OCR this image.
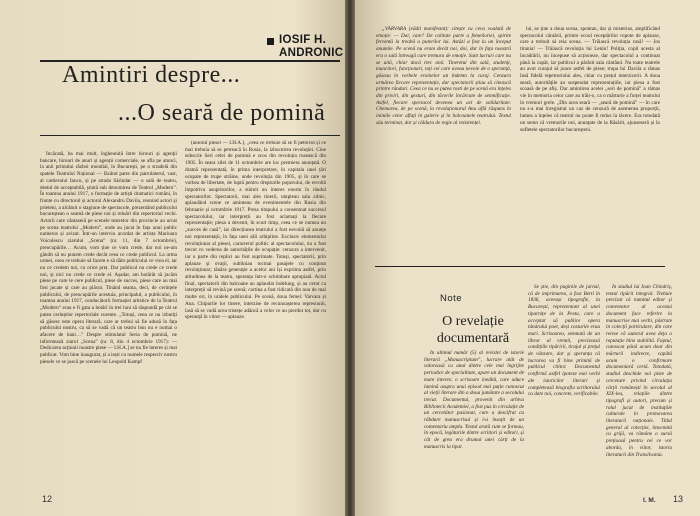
IOSIF H.
ANDRONIC
Amintiri despre...
...O seară de pomină

Încăcată, ba mai mult, îngheunită între birouri și agenții bancare, birouri de anuri și agenții comerciale, se afla pe atunci, la anii primului război mondial, în București, pe o stradelă din spatele Teatrului Național — făcând parte din patrulaterul, vast, al cartierului Iancu, și pe strada Sărindar — o sală de teatru, destul de acceptabilă, știută sub denumirea de Teatrul „Modern”. În toamna anului 1917, o formație de artiști dramatici români, în frunte cu directorul și actorul Alexandru Davila, reunind actori și prieteni, a alcătuit o stagiune de spectacole, prezentând publicului bucureștean o seamă de piese noi și reluări din repertoriul vechi. Actorii care cântaseră pe scenele teatrelor din provincie au urcat pe scena teatrului „Modern”, unde au jucat în fața unui public numeros și avizat. Într-un interviu acordat de artista Marioara Voiculescu ziarului „Scena” (nr. 11, din 7 octombrie), preocupările… Acum, vom ține ce vom crede, dar noi ne-am gândit să nu punem crede decât ceea ce crede publicul. La urma urmei, ceea ce trebuie să facem e să dăm publicului ce vrea el, iar nu ce credem noi, cu orice preț. Dar publicul nu crede ce crede noi, și nici nu crede ce crede el. Așadar, am hotărât să jucăm piese pe care le cere publicul, piese de succes, piese care au mai fost jucate și care au plăcut. Tinând seama, deci, de cerințele publicului, de preocupările acestuia, principalul, a publicului, în toamna anului 1917, conducătorii formației artistice de la Teatrul „Modern” erau e fi gata a hotărî în trei luni să răspundă pe cât se putea cerințelor repertoriale curente. „Totuși, ceea ce nu izbutiți să găsesc este opera literară, care ar trebui să fie adusă în fața publicului nostru, ca să se vadă că un teatru bun nu e numai o afacere de bani…” Despre stimulatul Seria de pomină, ne informează ziarul „Scena” (nr. 8, din 4 octombrie 1917): — Dedicarea acțiunii noastre piese — I.H.A.] se nu fie interes și mai publicat. Vom bine inaugurat, și a ieșit cu numele respectiv nostru piesele ce se joacă pe scenele lui Leopold Kampf

(autorul piesei — I.H.A.), „ceea ce trebuie să se fi petrecut și ce mai trebuia să se petreacă în Rusia, la izbucnirea revoluției. Cine subscrie Seri celei de pomină e scos din revoluția rusească din 1905. În seara zilei de 11 octombrie are loc premiera anunțată. O dramă reprezentată, în prima interpretare, în capitala unei țări ocupate de trupe străine, unde revoluția din 1905, și în care se vorbea de libertate, de luptă pentru drepturile poporului, de revoltă împotriva asupritorilor, a stârnit un interes enorm în rândul spectatorilor. Spectatorii, mai ales tinerii, umpleau sala zilnic, aplaudând scene ce aminteau de evenimentele din Rusia din februarie și octombrie 1917. Presa timpului a consemnat succesul spectacolului, iar interpreții au fost aclamați la fiecare reprezentație; piesa a devenit, în scurt timp, ceea ce se numea un „succes de casă”, iar direcțiunea teatrului a fost nevoită să anunțe noi reprezentații, în fața unei săli arhipline. Exclusiv elementului revoluționar al piesei, caracterul politic al spectacolului, nu a fost trecut cu vederea de autoritățile de ocupație: cenzura a intervenit, iar o parte din replici au fost suprimate. Totuși, spectatorii, prin aplauze și ovații, subliniau tocmai pasajele cu conținut revoluționar; tânăra generație a acelor ani își exprima astfel, prin atitudinea de la teatru, speranța într-o schimbare apropiată. Actul final, spectatorii din balcoane au aplaudat îndelung, și au cerut ca interpreții să revină pe scenă; cortina a fost ridicată din nou de mai multe ori, în uralele publicului. Pe scenă, doua femei: Varvara și Ana. Chipurile lor tinere, interzise de recunoașterea represiunii, lasă să se vadă acea tristețe adâncă a celor ce au pierdut tot, dar cu speranță în viitor — aplauze.

12

„VARVARA (vădit manifestat): citește cu ceva voalată de emoție: — Dar, care? De calitate parte a femeiloriei, spirite ferventă la treabă a puterilor lui. Astăzi a fost la un început anumite. Pe scenă nu eram decât noi, doi, dar în fața noastră era o sală întreagă care tremura de emoție. Sunt lucruri care nu se uită, chiar dacă trec anii. Tineretul din sală, studenți, muncitori, funcționari, toți cei care aveau nevoie de o speranță, găseau în vorbele eroinelor un îndemn la curaj. Cenzura urmărea fiecare reprezentație, dar spectatorii știau să citească printre rânduri. Ceea ce nu se putea rosti de pe scenă era înțeles din priviri, din gesturi, din tăcerile încărcate de semnificație. Astfel, fiecare spectacol devenea un act de solidaritate. Chemarea, de pe scenă, la revoluționarul Ana află răspuns în inimile celor aflați în galerie și în balcoanele teatrului. Textul său terminat, dar și căldura de regie al rezistenței.

lui, se ține a doua scena, spontan, dar și misterios, amplificând spectacolul cântării, printre ecoul receptărilor ropote de aplauze, care a trebuit să reia scena. — Trăiască revoluția rusă! — Jos tirania! — Trăiască revoluția lui Lenin! Poliția, copil acesta al încadrării, nu începuse să acționeze, dar spectacolul a continuat până la capăt, iar publicul a părăsit sala cântând. Nu toate teatrele au avut curajul să joace astfel de piese; trupa lui Davila a rămas însă fidelă repertoriului ales, chiar cu prețul interzicerii. A doua seară, autoritățile au suspendat reprezentațiile, iar piesa a fost scoasă de pe afiș. Dar amintirea acelei „seri de pomină” a rămas vie în memoria celor care au trăit-o, ca o mărturie a forței teatrului în vremuri grele. „Din acea seară — „seară de pomină” — în care nu s-a mai înregistrat un caz de cenzură de asemenea proporții, lumea a înțeles că teatrul nu poate fi redus la tăcere. Era totodată un semn că vremurile noi, anunțate de la Răsărit, ajunseseră și în sufletele spectatorilor bucureșteni.

Note
O revelație documentară

În ultimul număr (5) al revistei de istorie literară „Manuscriptum”, lucrare atât de valoroasă ca unul dintre cele mai îngrijite periodice de specialitate, apare un document de mare interes: o scrisoare inedită, care aduce lumină asupra unui episod mai puțin cunoscut al vieții literare din a doua jumătate a secolului trecut. Documentul, provenit din arhiva Bibliotecii Academiei, a fost pus în circulație de un cercetător pasionat, care a descifrat cu răbdare manuscrisul și l-a însoțit de un comentariu amplu. Textul arată cum se formau, în epocă, legăturile dintre scriitori și editori, și cât de greu era drumul unei cărți de la manuscris la tipar.

Se știe, din paginile de jurnal, că de imprimarea, a fost Berti în 1836, aceeași tipografie, la București, reprezentant al unei tiparnițe de la Pesta, care a acceptat să publice opera tânărului poet, deși costurile erau mari. Scrisoarea, semnată de un librar al vremii, precizează condițiile tipăririi, tirajul și prețul de vânzare, dar și speranța că lucrarea va fi bine primită de publicul cititor. Documentul confirmă astfel ipoteze mai vechi ale istoricilor literari și completează biografia scriitorului cu date noi, concrete, verificabile.

În studiul lui Ioan Chindriș, textul tipărit integral. Trebuie precizat că numitul editor și comentator al acestui document face referire la manuscrise mai vechi, păstrate în colecții particulare, din care reiese că autorul avea deja o reputație bine stabilită. Faptul, cunoscut până acum doar din mărturii indirecte, capătă acum o confirmare documentară certă. Totodată, studiul deschide noi piste de cercetare privind circulația cărții românești în secolul al XIX-lea, relațiile dintre tipografi și autori, precum și rolul jucat de instituțiile culturale în promovarea literaturii naționale. Titlul general al colecției, întocmită cu grijă, va rămâne o sursă prețioasă pentru cei ce vor aborda, în viitor, istoria literaturii din Transilvania.

I. M. 13
